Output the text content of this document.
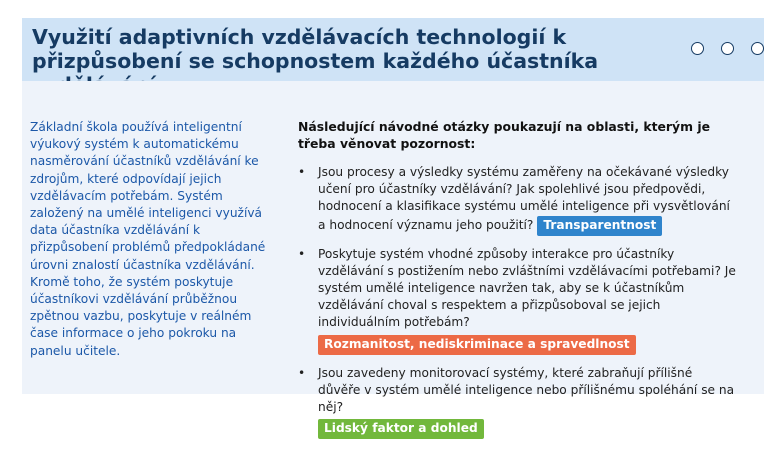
Využití adaptivních vzdělávacích technologií k přizpůsobení se schopnostem každého účastníka

Základní škola používá inteligentní výukový systém k automatickému nasměrování účastníků vzdělávání ke zdrojům, které odpovídají jejich vzdělávacím potřebám. Systém založený na umělé inteligenci využívá data účastníka vzdělávání k přizpůsobení problémů předpokládané úrovni znalostí účastníka vzdělávání. Kromě toho, že systém poskytuje účastníkovi vzdělávání průběžnou zpětnou vazbu, poskytuje v reálném čase informace o jeho pokroku na panelu učitele.

Následující návodné otázky poukazují na oblasti, kterým je třeba věnovat pozornost:

• Jsou procesy a výsledky systému zaměřeny na očekávané výsledky učení pro účastníky vzdělávání? Jak spolehlivé jsou předpovědi, hodnocení a klasifikace systému umělé inteligence při vysvětlování a hodnocení významu jeho použití? Transparentnost
• Poskytuje systém vhodné způsoby interakce pro účastníky vzdělávání s postižením nebo zvláštními vzdělávacími potřebami? Je systém umělé inteligence navržen tak, aby se k účastníkům vzdělávání choval s respektem a přizpůsoboval se jejich individuálním potřebám?
Rozmanitost, nediskriminace a spravedlnost
• Jsou zavedeny monitorovací systémy, které zabraňují přílišné důvěře v systém umělé inteligence nebo přílišnému spoléhání se na něj?
Lidský faktor a dohled
